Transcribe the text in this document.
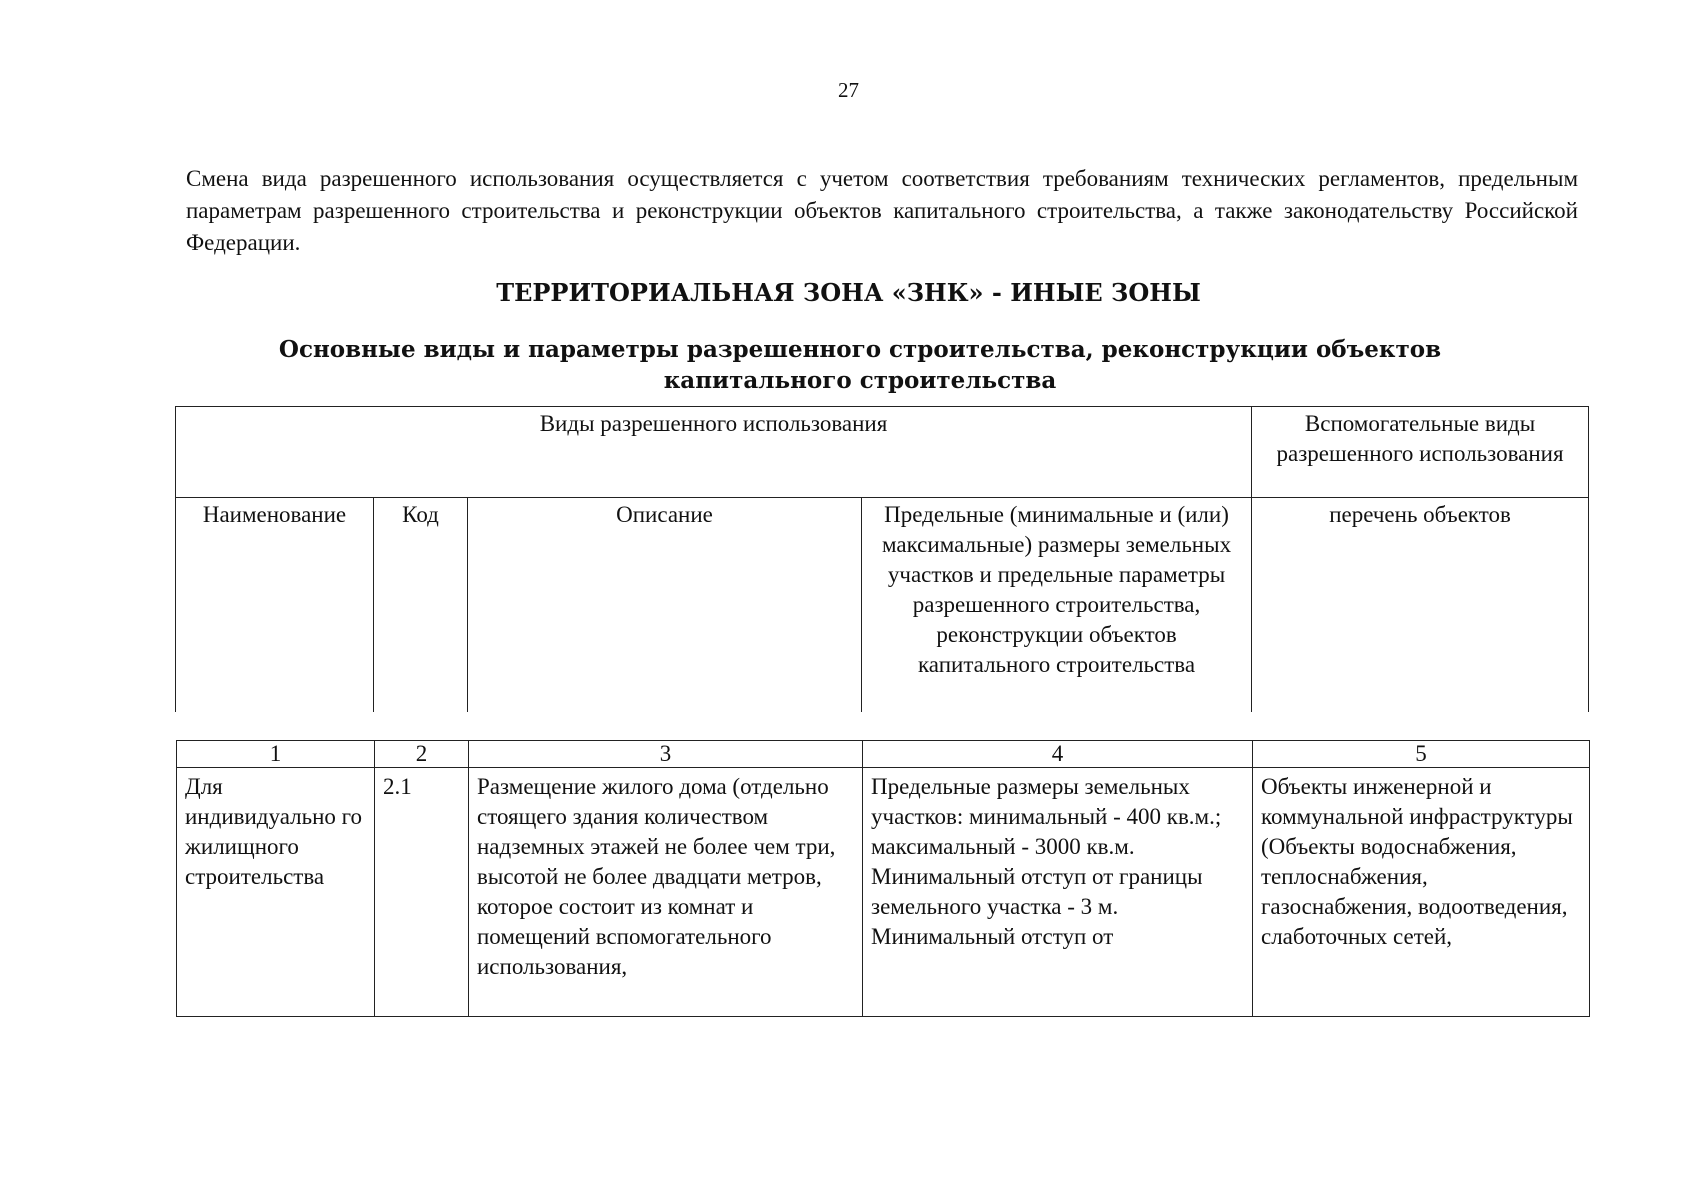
27

Смена вида разрешенного использования осуществляется с учетом соответствия требованиям технических регламентов, предельным параметрам разрешенного строительства и реконструкции объектов капитального строительства, а также законодательству Российской Федерации.

ТЕРРИТОРИАЛЬНАЯ ЗОНА «ЗНК» - ИНЫЕ ЗОНЫ
Основные виды и параметры разрешенного строительства, реконструкции объектов капитального строительства
Виды разрешенного использования				Вспомогательные виды разрешенного использования
Наименование	Код	Описание	Предельные (минимальные и (или) максимальные) размеры земельных участков и предельные параметры разрешенного строительства, реконструкции объектов капитального строительства	перечень объектов
1	2	3	4	5
Для индивидуально го жилищного строительства	2.1	Размещение жилого дома (отдельно стоящего здания количеством надземных этажей не более чем три, высотой не более двадцати метров, которое состоит из комнат и помещений вспомогательного использования,	Предельные размеры земельных участков: минимальный - 400 кв.м.; максимальный - 3000 кв.м. Минимальный отступ от границы земельного участка - 3 м. Минимальный отступ от	Объекты инженерной и коммунальной инфраструктуры (Объекты водоснабжения, теплоснабжения, газоснабжения, водоотведения, слаботочных сетей,
